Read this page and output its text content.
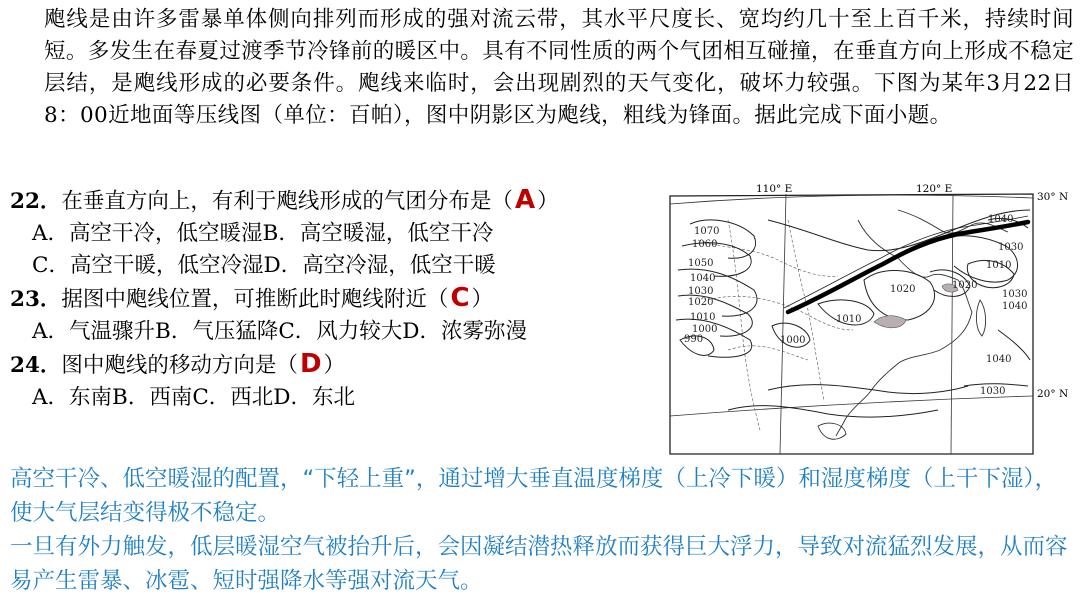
飑线是由许多雷暴单体侧向排列而形成的强对流云带，其水平尺度长、宽均约几十至上百千米，持续时间短。多发生在春夏过渡季节冷锋前的暖区中。具有不同性质的两个气团相互碰撞，在垂直方向上形成不稳定层结，是飑线形成的必要条件。飑线来临时，会出现剧烈的天气变化，破坏力较强。下图为某年3月22日8：00近地面等压线图（单位：百帕），图中阴影区为飑线，粗线为锋面。据此完成下面小题。

22．在垂直方向上，有利于飑线形成的气团分布是（A）
A．高空干冷，低空暖湿B．高空暖湿，低空干冷
C．高空干暖，低空冷湿D．高空冷湿，低空干暖
23．据图中飑线位置，可推断此时飑线附近（C）
A．气温骤升B．气压猛降C．风力较大D．浓雾弥漫
24．图中飑线的移动方向是（D）
A．东南B．西南C．西北D．东北
110° E	120° E
30° N
20° N
1070
1060
1050
1040
1030
1020
1010
1000
990	1000
1010
1020
1040
1030
1010
1020
1030
1040
1040
1030

高空干冷、低空暖湿的配置，“下轻上重”，通过增大垂直温度梯度（上冷下暖）和湿度梯度（上干下湿），使大气层结变得极不稳定。

一旦有外力触发，低层暖湿空气被抬升后，会因凝结潜热释放而获得巨大浮力，导致对流猛烈发展，从而容易产生雷暴、冰雹、短时强降水等强对流天气。
